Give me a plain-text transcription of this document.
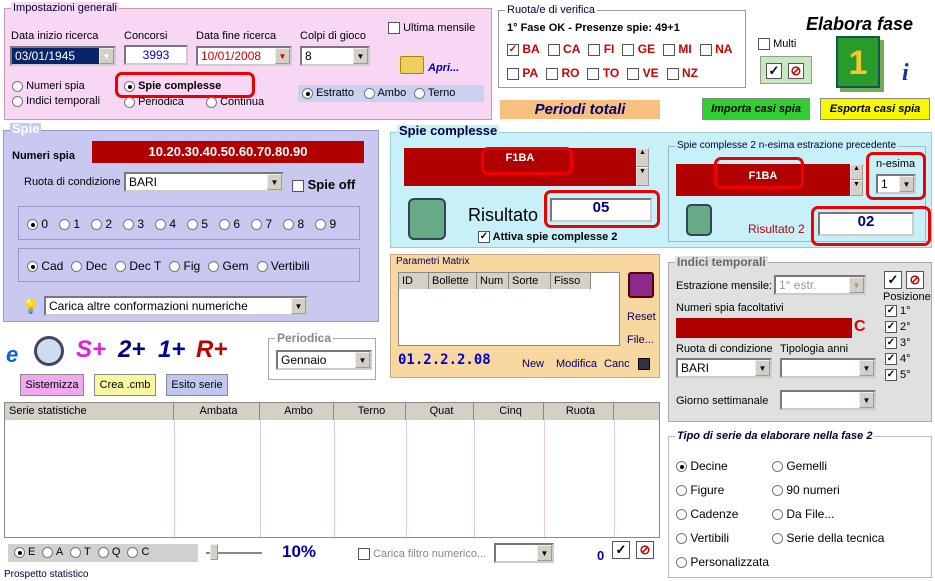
Impostazioni generali
Data inizio ricerca
03/01/1945	▼
Concorsi
3993
Data fine ricerca
10/01/2008	▼
Colpi di gioco
8	▼
Ultima mensile
Apri...
Numeri spia
Indici temporali
Spie complesse
Periodica	Continua
Estratto	Ambo	Terno
Ruota/e di verifica
1° Fase OK - Presenze spie: 49+1
✓ BA CA FI GE MI NA
PA RO TO VE NZ
Multi
✓ ⊘
Elabora fase
1	i
Periodi totali	Importa casi spia	Esporta casi spia
Spie
Numeri spia	10.20.30.40.50.60.70.80.90
Ruota di condizione BARI	▼	Spie off
0 1 2 3 4 5 6 7 8 9
Cad Dec Dec T Fig Gem Vertibili
💡 Carica altre conformazioni numeriche	▼
Spie complesse
F1BA	▲
▼
Risultato	05
✓ Attiva spie complesse 2
Spie complesse 2 n-esima estrazione precedente
F1BA
▲
▼
n-esima
1	▼
Risultato 2	02
Parametri Matrix
ID	Bollette	Num Sorte	Fisso
Reset
File...
01.2.2.2.08	New Modifica Canc
Indici temporali
Estrazione mensile: 1° estr.	▼ ✓ ⊘
Posizione
✓ 1°
✓ 2°
✓ 3°
✓ 4°
✓ 5°
Numeri spia facoltativi
C
Ruota di condizione Tipologia anni
BARI	▼	▼
Giorno settimanale	▼
e S+ 2+ 1+ R+	Periodica
Gennaio	▼
Sistemizza	Crea .cmb	Esito serie
Serie statistiche	Ambata	Ambo	Terno	Quat	Cinq	Ruota
E A T Q C	10%	Carica filtro numerico...	▼	0 ✓ ⊘
Prospetto statistico
Tipo di serie da elaborare nella fase 2
Decine
Figure
Cadenze
Vertibili
Personalizzata
Gemelli
90 numeri
Da File...
Serie della tecnica
